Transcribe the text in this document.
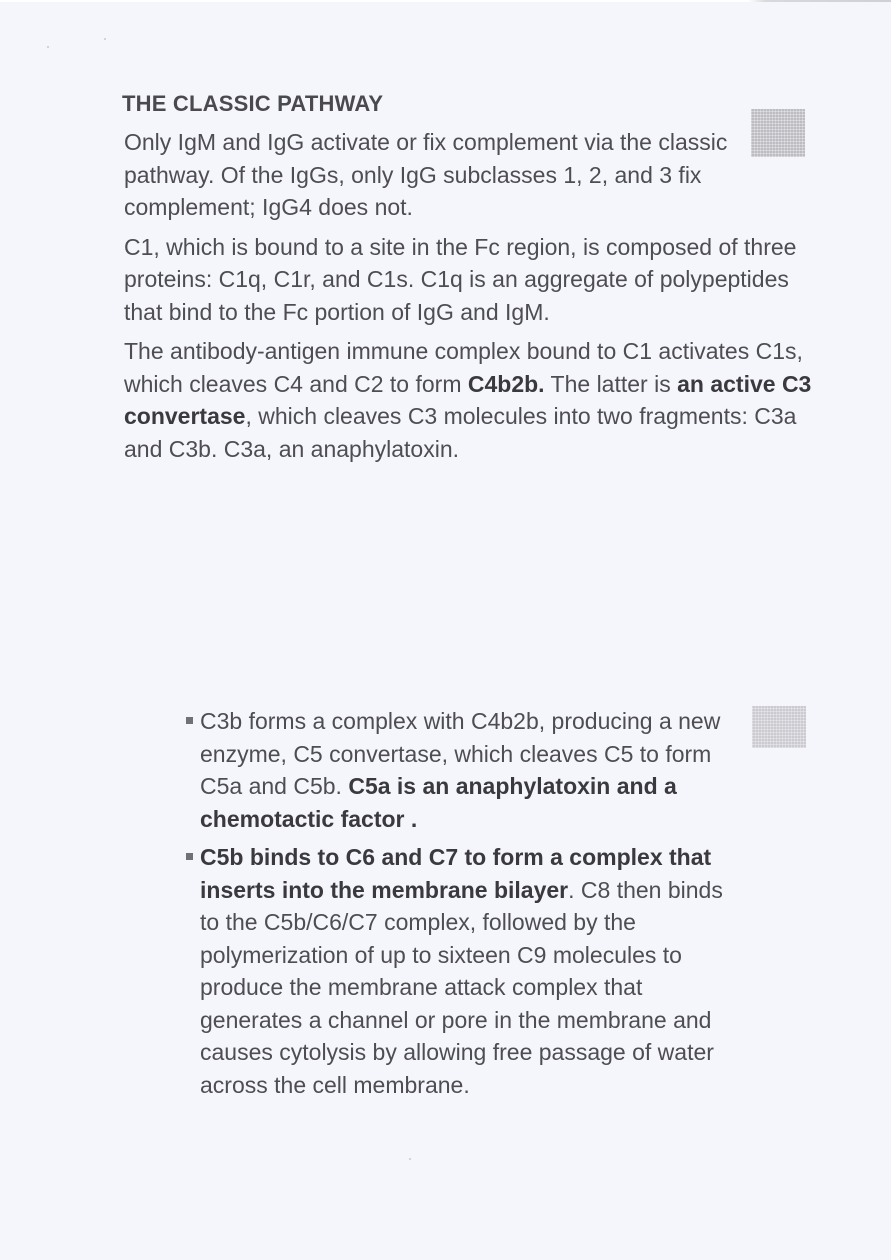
THE CLASSIC PATHWAY

Only IgM and IgG activate or fix complement via the classic pathway. Of the IgGs, only IgG subclasses 1, 2, and 3 fix complement; IgG4 does not.

C1, which is bound to a site in the Fc region, is composed of three proteins: C1q, C1r, and C1s. C1q is an aggregate of polypeptides that bind to the Fc portion of IgG and IgM.

The antibody-antigen immune complex bound to C1 activates C1s, which cleaves C4 and C2 to form C4b2b. The latter is an active C3 convertase, which cleaves C3 molecules into two fragments: C3a and C3b. C3a, an anaphylatoxin.

C3b forms a complex with C4b2b, producing a new enzyme, C5 convertase, which cleaves C5 to form C5a and C5b. C5a is an anaphylatoxin and a chemotactic factor .
C5b binds to C6 and C7 to form a complex that inserts into the membrane bilayer. C8 then binds to the C5b/C6/C7 complex, followed by the polymerization of up to sixteen C9 molecules to produce the membrane attack complex that generates a channel or pore in the membrane and causes cytolysis by allowing free passage of water across the cell membrane.
